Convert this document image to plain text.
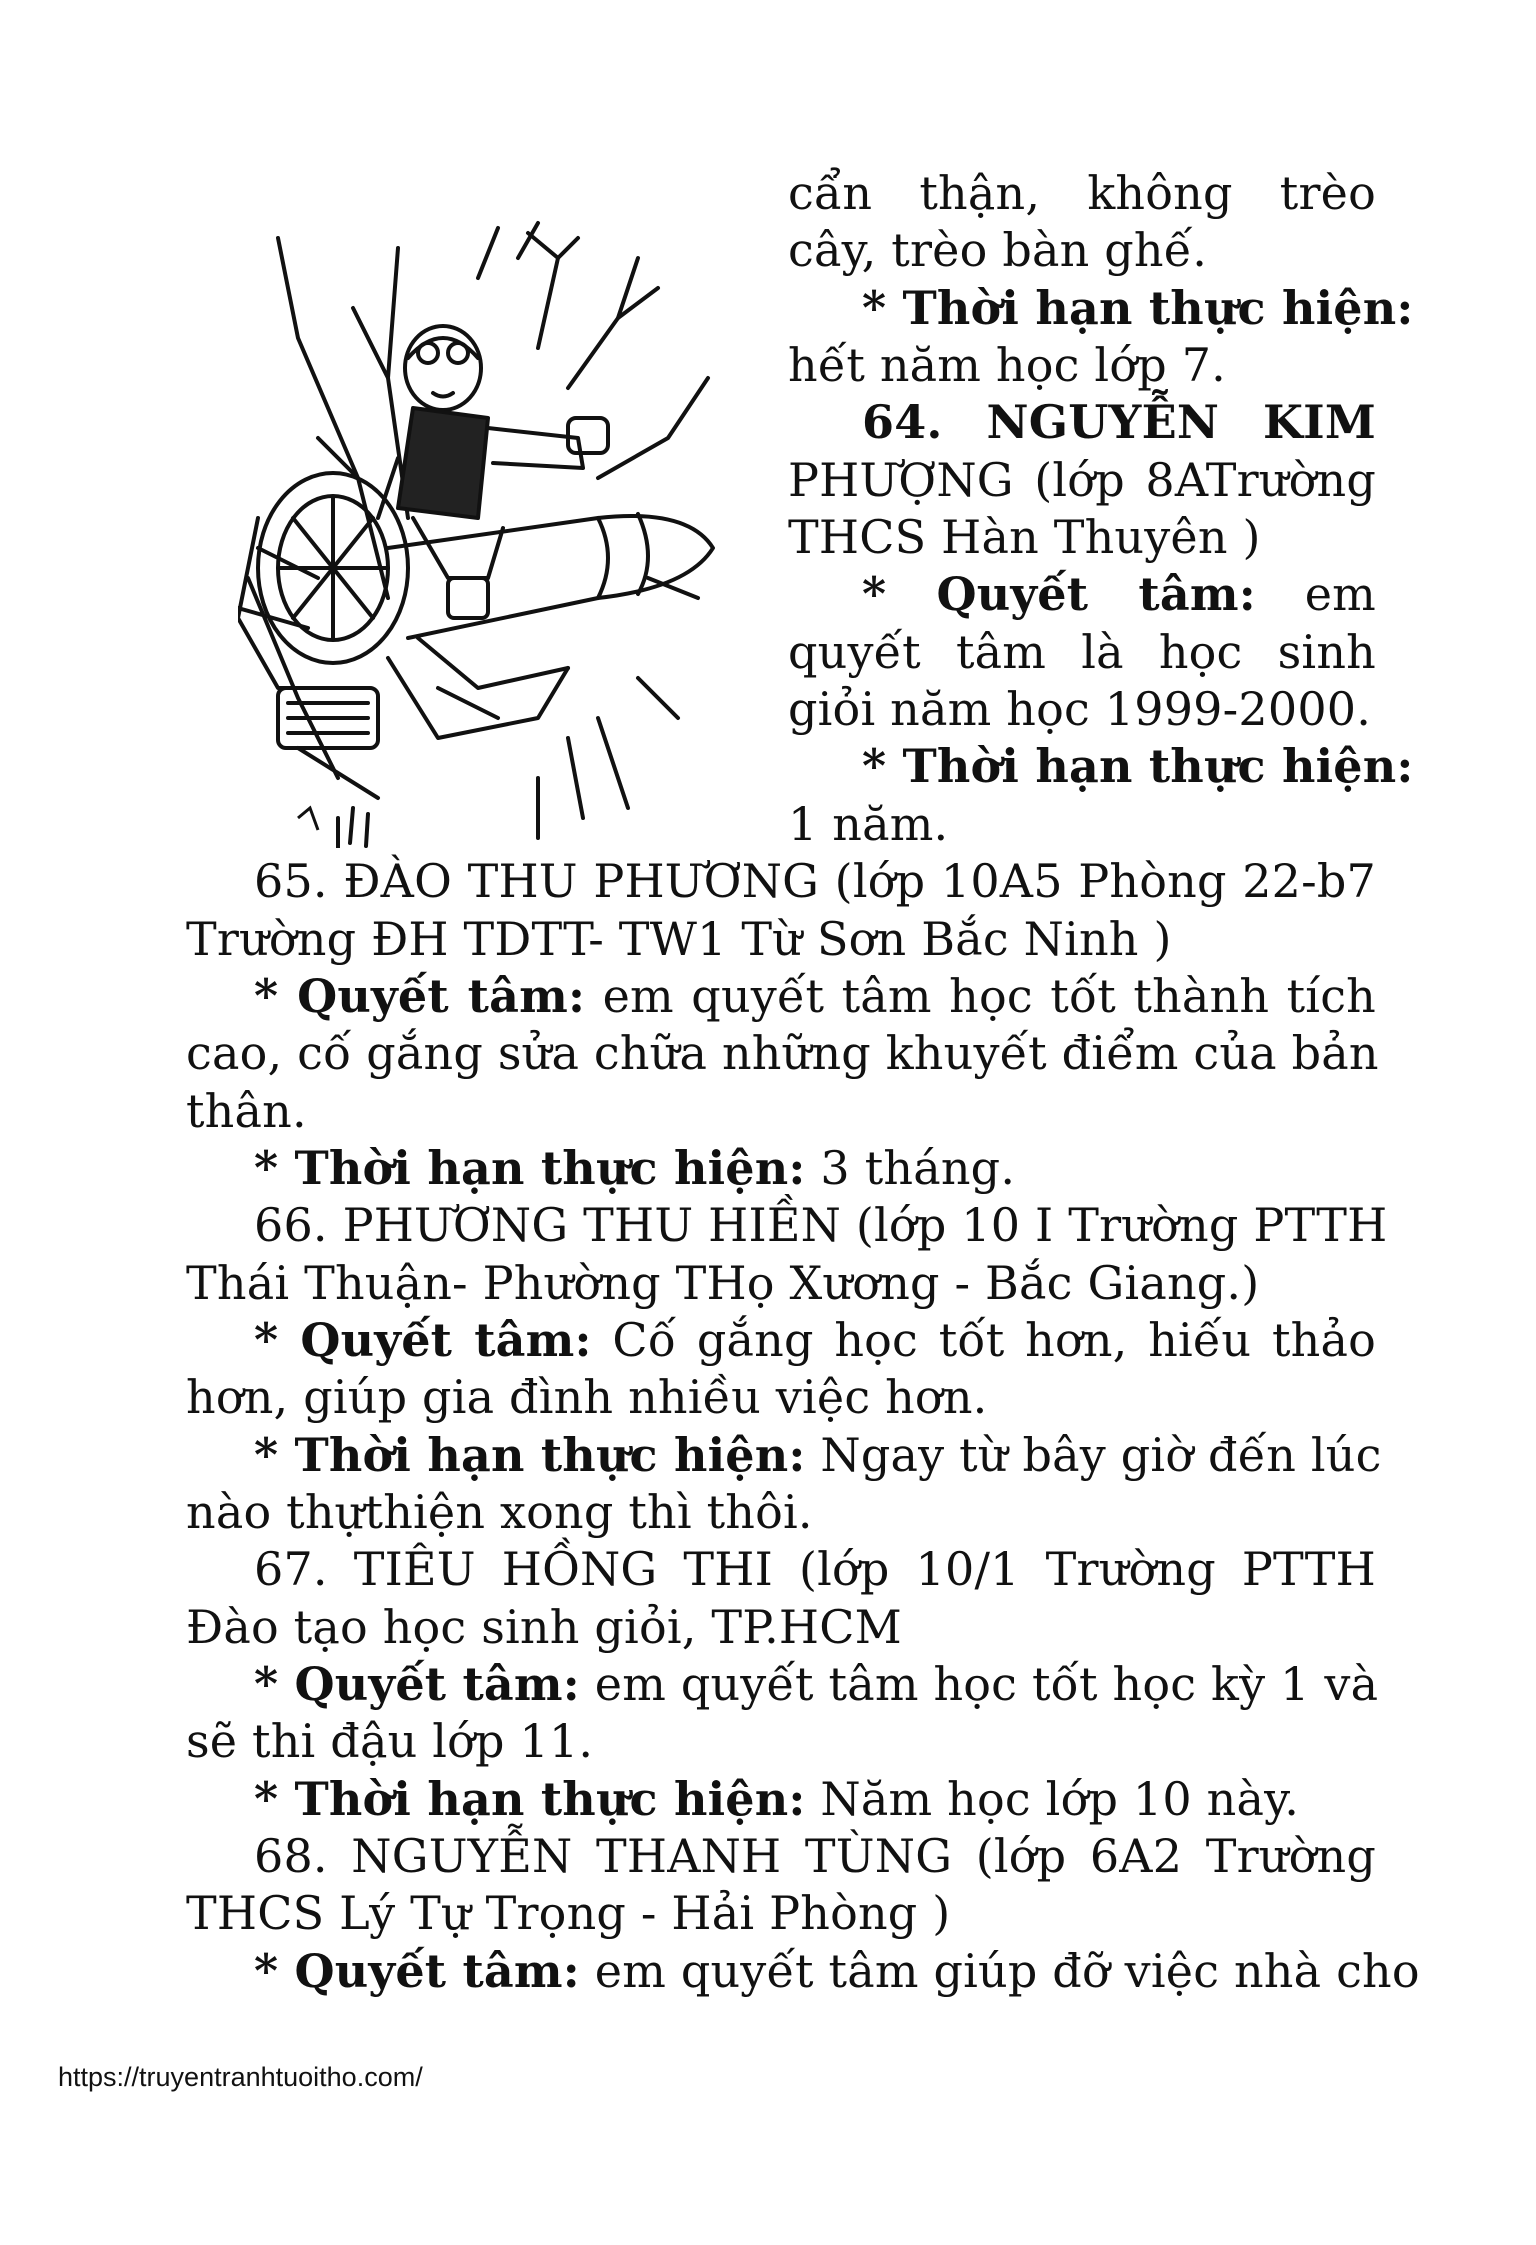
cẩn thận, không trèo
cây, trèo bàn ghế.
* Thời hạn thực hiện:
hết năm học lớp 7.
64. NGUYỄN KIM
PHƯỢNG (lớp 8ATrường
THCS Hàn Thuyên )
* Quyết tâm: em
quyết tâm là học sinh
giỏi năm học 1999-2000.
* Thời hạn thực hiện:
1 năm.
65. ĐÀO THU PHƯƠNG (lớp 10A5 Phòng 22-b7
Trường ĐH TDTT- TW1 Từ Sơn Bắc Ninh )
* Quyết tâm: em quyết tâm học tốt thành tích
cao, cố gắng sửa chữa những khuyết điểm của bản
thân.
* Thời hạn thực hiện: 3 tháng.
66. PHƯƠNG THU HIỀN (lớp 10 I Trường PTTH
Thái Thuận- Phường THọ Xương - Bắc Giang.)
* Quyết tâm: Cố gắng học tốt hơn, hiếu thảo
hơn, giúp gia đình nhiều việc hơn.
* Thời hạn thực hiện: Ngay từ bây giờ đến lúc
nào thựthiện xong thì thôi.
67. TIÊU HỒNG THI (lớp 10/1 Trường PTTH
Đào tạo học sinh giỏi, TP.HCM
* Quyết tâm: em quyết tâm học tốt học kỳ 1 và
sẽ thi đậu lớp 11.
* Thời hạn thực hiện: Năm học lớp 10 này.
68. NGUYỄN THANH TÙNG (lớp 6A2 Trường
THCS Lý Tự Trọng - Hải Phòng )
* Quyết tâm: em quyết tâm giúp đỡ việc nhà cho
https://truyentranhtuoitho.com/
